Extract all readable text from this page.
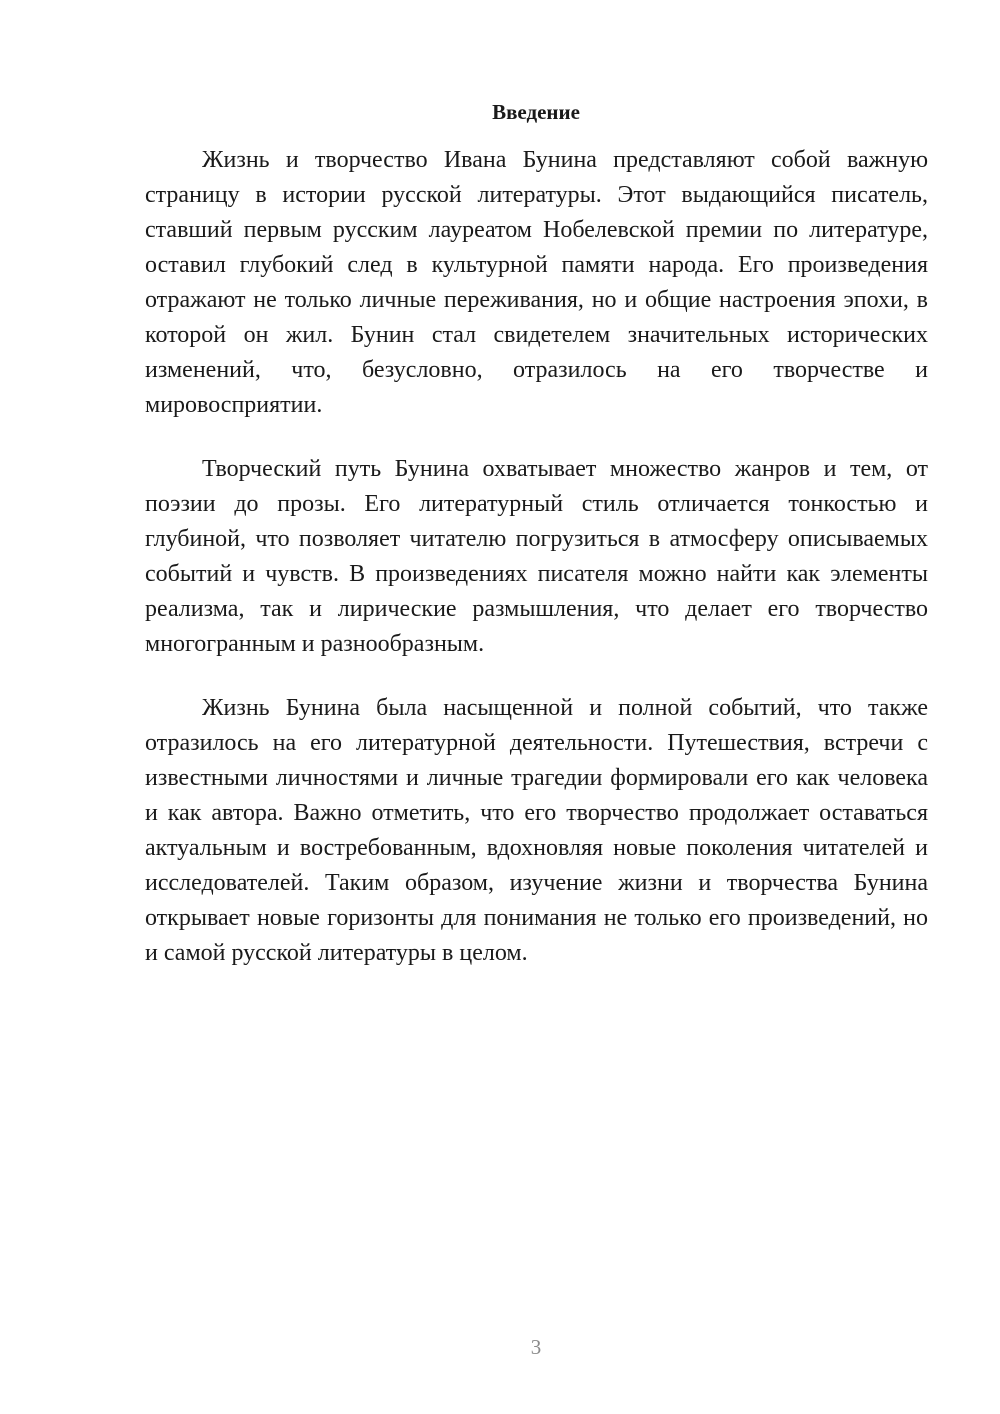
Введение

Жизнь и творчество Ивана Бунина представляют собой важную страницу в истории русской литературы. Этот выдающийся писатель, ставший первым русским лауреатом Нобелевской премии по литературе, оставил глубокий след в культурной памяти народа. Его произведения отражают не только личные переживания, но и общие настроения эпохи, в которой он жил. Бунин стал свидетелем значительных исторических изменений, что, безусловно, отразилось на его творчестве и мировосприятии.

Творческий путь Бунина охватывает множество жанров и тем, от поэзии до прозы. Его литературный стиль отличается тонкостью и глубиной, что позволяет читателю погрузиться в атмосферу описываемых событий и чувств. В произведениях писателя можно найти как элементы реализма, так и лирические размышления, что делает его творчество многогранным и разнообразным.

Жизнь Бунина была насыщенной и полной событий, что также отразилось на его литературной деятельности. Путешествия, встречи с известными личностями и личные трагедии формировали его как человека и как автора. Важно отметить, что его творчество продолжает оставаться актуальным и востребованным, вдохновляя новые поколения читателей и исследователей. Таким образом, изучение жизни и творчества Бунина открывает новые горизонты для понимания не только его произведений, но и самой русской литературы в целом.

3
